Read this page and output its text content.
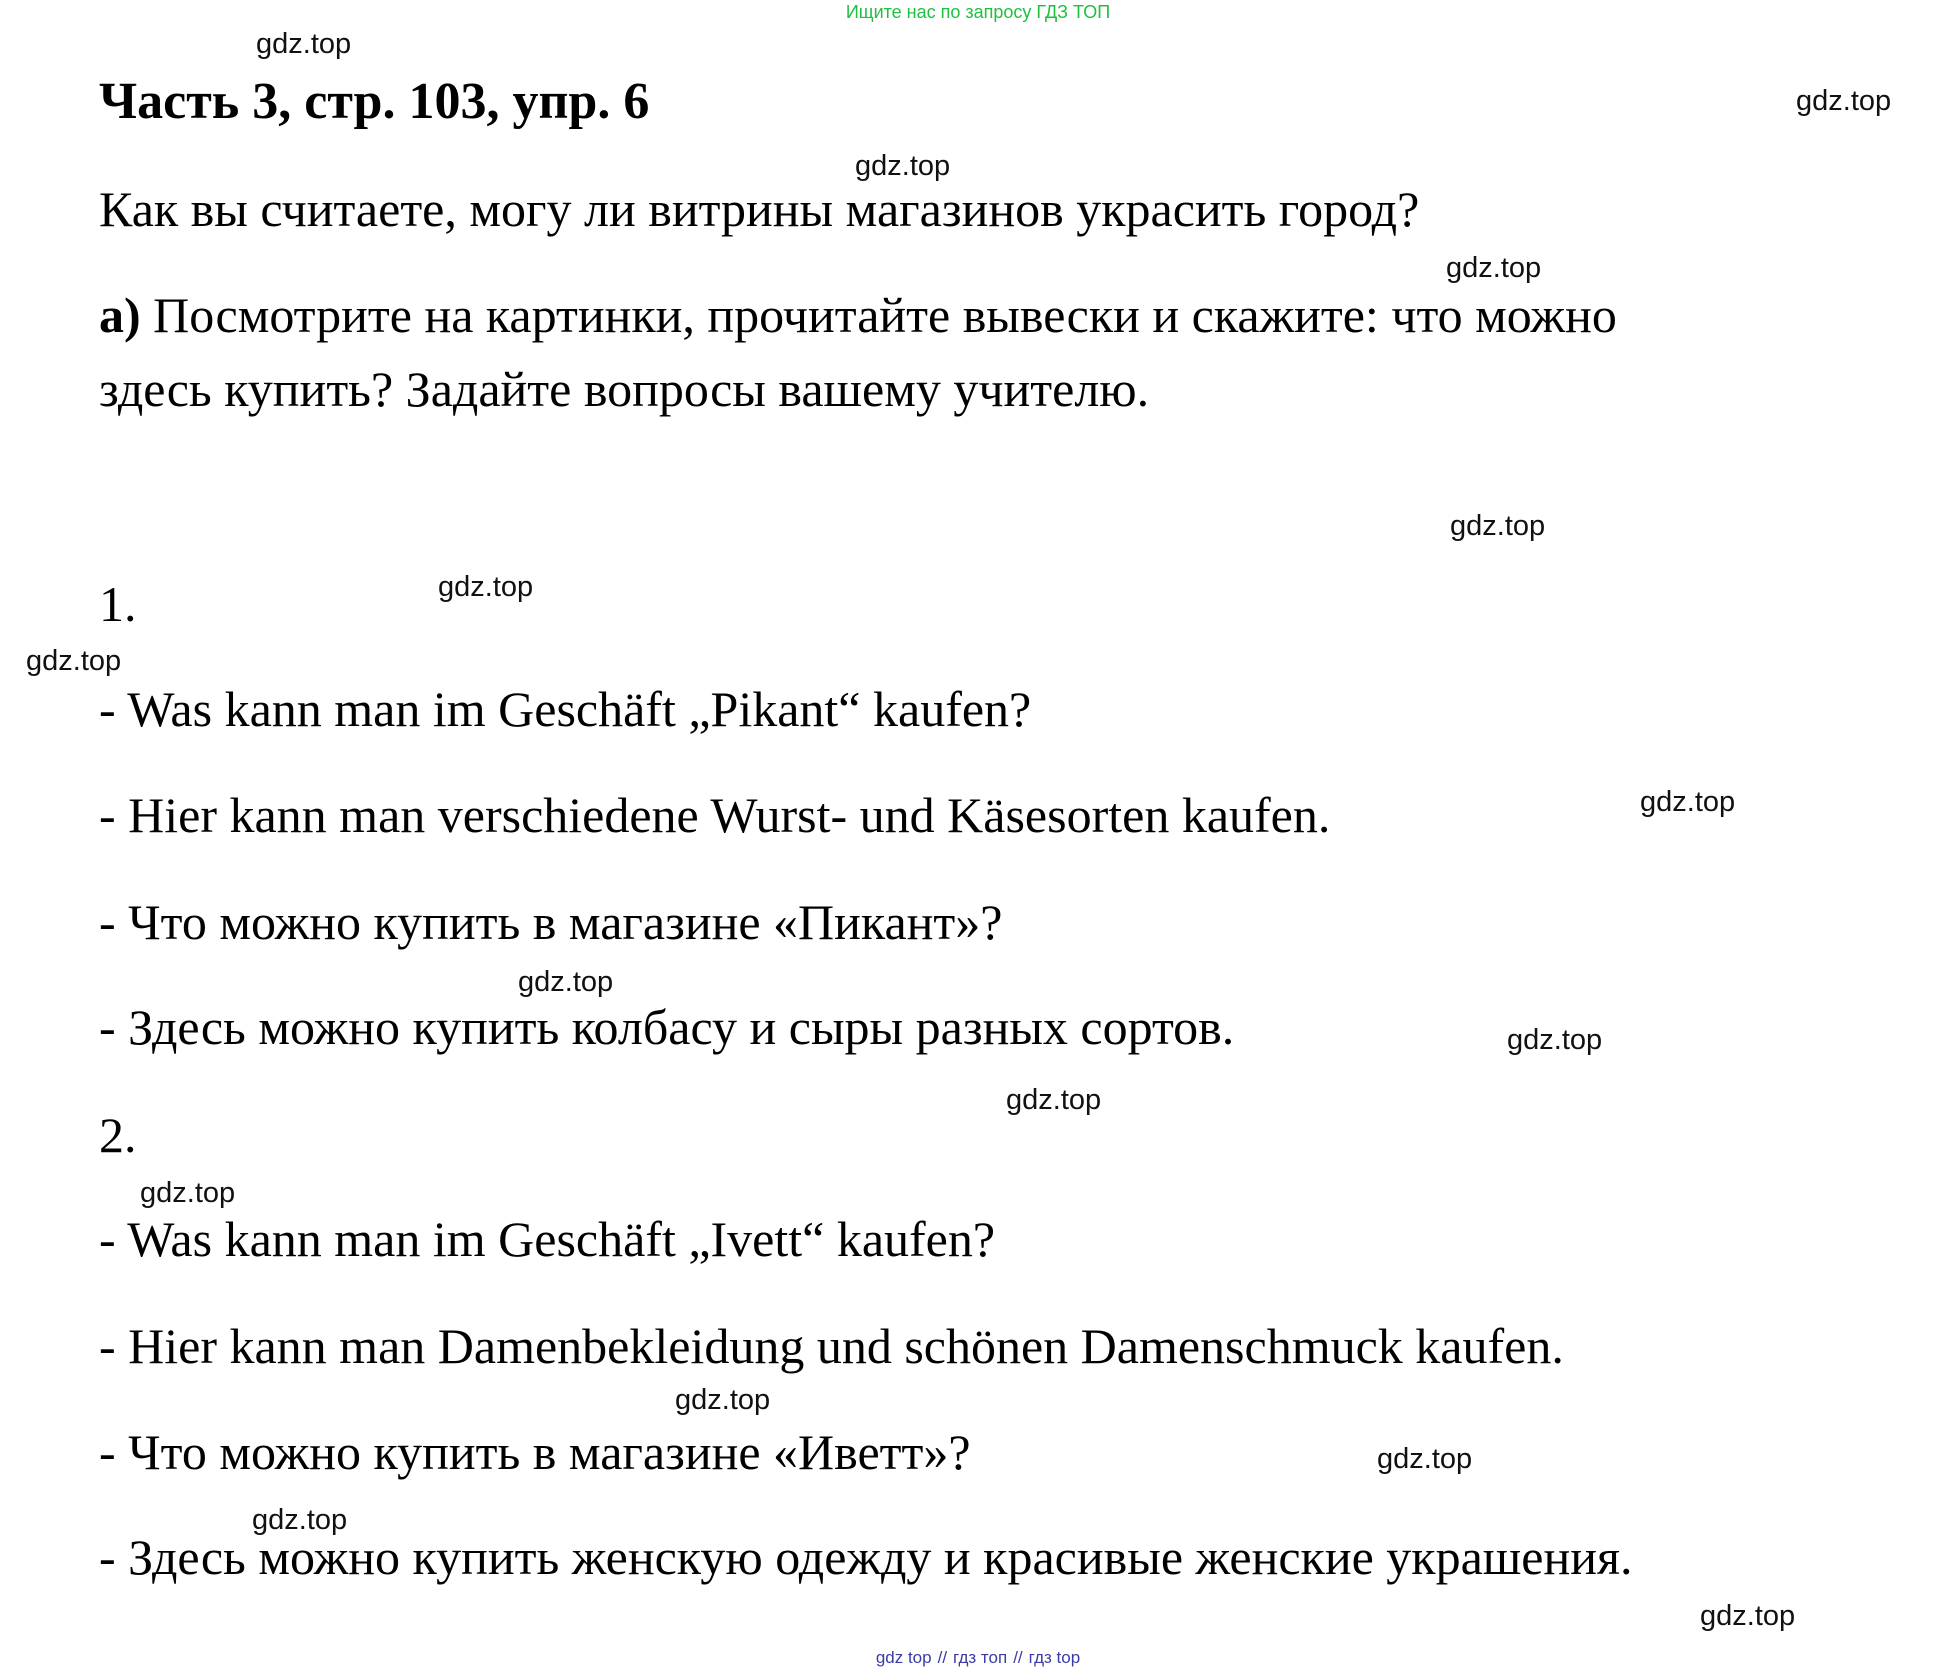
Ищите нас по запросу ГДЗ ТОП
gdz.top
gdz.top
gdz.top
gdz.top
gdz.top
gdz.top
gdz.top
gdz.top
gdz.top
gdz.top
gdz.top
gdz.top
gdz.top
gdz.top
gdz.top
gdz.top
Часть 3, стр. 103, упр. 6
Как вы считаете, могу ли витрины магазинов украсить город?
а) Посмотрите на картинки, прочитайте вывески и скажите: что можно
здесь купить? Задайте вопросы вашему учителю.
1.
- Was kann man im Geschäft „Pikant“ kaufen?
- Hier kann man verschiedene Wurst- und Käsesorten kaufen.
- Что можно купить в магазине «Пикант»?
- Здесь можно купить колбасу и сыры разных сортов.
2.
- Was kann man im Geschäft „Ivett“ kaufen?
- Hier kann man Damenbekleidung und schönen Damenschmuck kaufen.
- Что можно купить в магазине «Иветт»?
- Здесь можно купить женскую одежду и красивые женские украшения.
gdz top // гдз топ // гдз top
